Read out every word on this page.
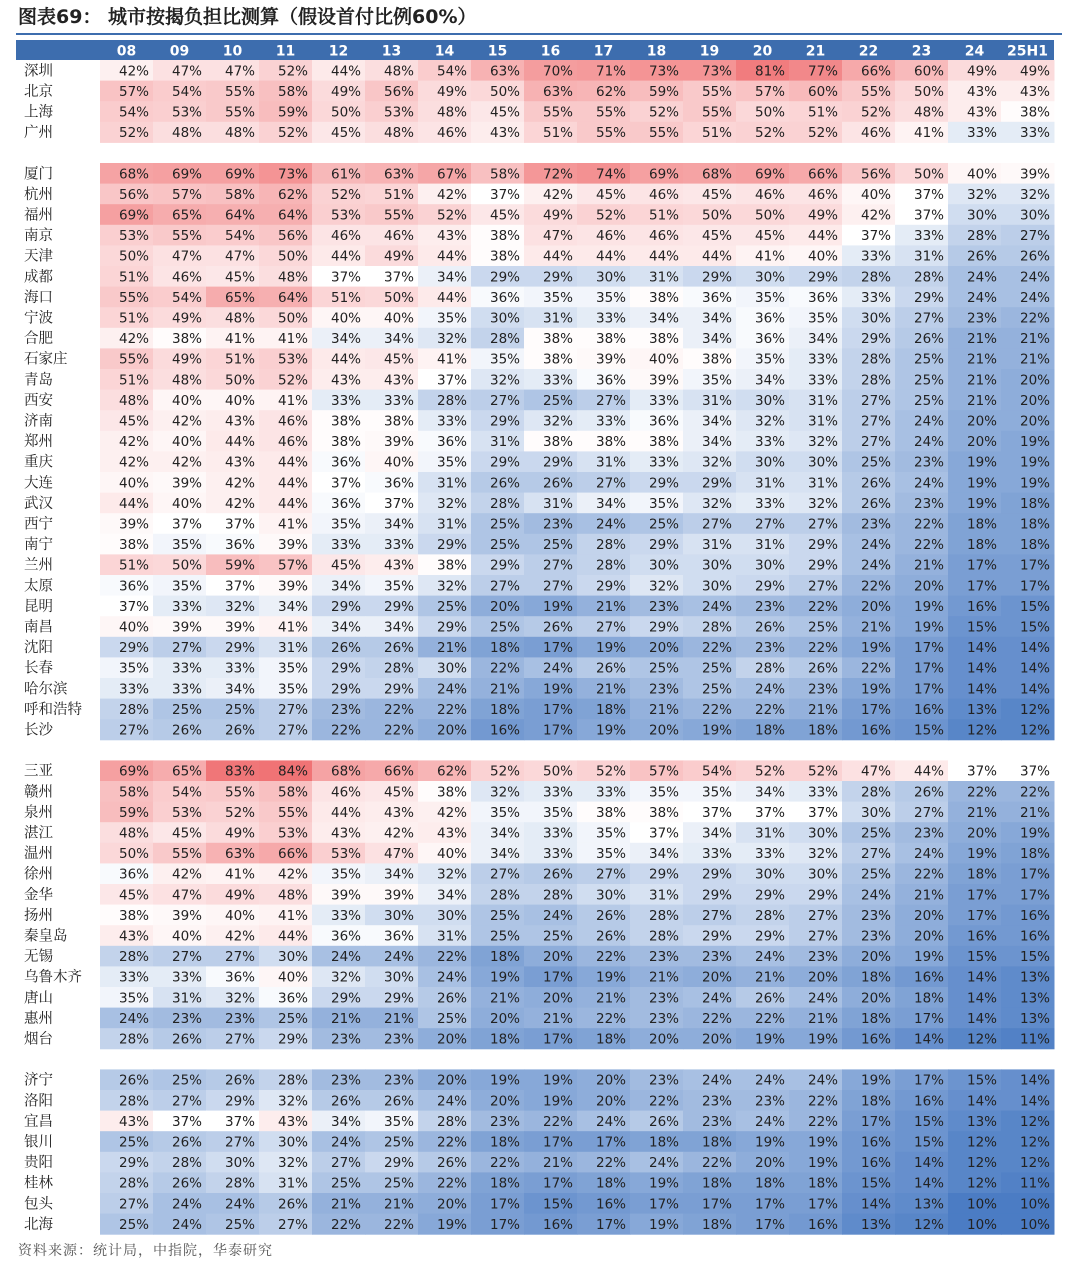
图表69： 城市按揭负担比测算（假设首付比例60%）
08 09 10 11 12 13 14 15 16 17 18 19 20 21 22 23 24 25H1
深圳	42% 47% 47% 52% 44% 48% 54% 63% 70% 71% 73% 73% 81% 77% 66% 60% 49% 49%
北京	57% 54% 55% 58% 49% 56% 49% 50% 63% 62% 59% 55% 57% 60% 55% 50% 43% 43%
上海	54% 53% 55% 59% 50% 53% 48% 45% 55% 55% 52% 55% 50% 51% 52% 48% 43% 38%
广州	52% 48% 48% 52% 45% 48% 46% 43% 51% 55% 55% 51% 52% 52% 46% 41% 33% 33%
厦门	68% 69% 69% 73% 61% 63% 67% 58% 72% 74% 69% 68% 69% 66% 56% 50% 40% 39%
杭州	56% 57% 58% 62% 52% 51% 42% 37% 42% 45% 46% 45% 46% 46% 40% 37% 32% 32%
福州	69% 65% 64% 64% 53% 55% 52% 45% 49% 52% 51% 50% 50% 49% 42% 37% 30% 30%
南京	53% 55% 54% 56% 46% 46% 43% 38% 47% 46% 46% 45% 45% 44% 37% 33% 28% 27%
天津	50% 47% 47% 50% 44% 49% 44% 38% 44% 44% 44% 44% 41% 40% 33% 31% 26% 26%
成都	51% 46% 45% 48% 37% 37% 34% 29% 29% 30% 31% 29% 30% 29% 28% 28% 24% 24%
海口	55% 54% 65% 64% 51% 50% 44% 36% 35% 35% 38% 36% 35% 36% 33% 29% 24% 24%
宁波	51% 49% 48% 50% 40% 40% 35% 30% 31% 33% 34% 34% 36% 35% 30% 27% 23% 22%
合肥	42% 38% 41% 41% 34% 34% 32% 28% 38% 38% 38% 34% 36% 34% 29% 26% 21% 21%
石家庄	55% 49% 51% 53% 44% 45% 41% 35% 38% 39% 40% 38% 35% 33% 28% 25% 21% 21%
青岛	51% 48% 50% 52% 43% 43% 37% 32% 33% 36% 39% 35% 34% 33% 28% 25% 21% 20%
西安	48% 40% 40% 41% 33% 33% 28% 27% 25% 27% 33% 31% 30% 31% 27% 25% 21% 20%
济南	45% 42% 43% 46% 38% 38% 33% 29% 32% 33% 36% 34% 32% 31% 27% 24% 20% 20%
郑州	42% 40% 44% 46% 38% 39% 36% 31% 38% 38% 38% 34% 33% 32% 27% 24% 20% 19%
重庆	42% 42% 43% 44% 36% 40% 35% 29% 29% 31% 33% 32% 30% 30% 25% 23% 19% 19%
大连	40% 39% 42% 44% 37% 36% 31% 26% 26% 27% 29% 29% 31% 31% 26% 24% 19% 19%
武汉	44% 40% 42% 44% 36% 37% 32% 28% 31% 34% 35% 32% 33% 32% 26% 23% 19% 18%
西宁	39% 37% 37% 41% 35% 34% 31% 25% 23% 24% 25% 27% 27% 27% 23% 22% 18% 18%
南宁	38% 35% 36% 39% 33% 33% 29% 25% 25% 28% 29% 31% 31% 29% 24% 22% 18% 18%
兰州	51% 50% 59% 57% 45% 43% 38% 29% 27% 28% 30% 30% 30% 29% 24% 21% 17% 17%
太原	36% 35% 37% 39% 34% 35% 32% 27% 27% 29% 32% 30% 29% 27% 22% 20% 17% 17%
昆明	37% 33% 32% 34% 29% 29% 25% 20% 19% 21% 23% 24% 23% 22% 20% 19% 16% 15%
南昌	40% 39% 39% 41% 34% 34% 29% 25% 26% 27% 29% 28% 26% 25% 21% 19% 15% 15%
沈阳	29% 27% 29% 31% 26% 26% 21% 18% 17% 19% 20% 22% 23% 22% 19% 17% 14% 14%
长春	35% 33% 33% 35% 29% 28% 30% 22% 24% 26% 25% 25% 28% 26% 22% 17% 14% 14%
哈尔滨	33% 33% 34% 35% 29% 29% 24% 21% 19% 21% 23% 25% 24% 23% 19% 17% 14% 14%
呼和浩特	28% 25% 25% 27% 23% 22% 22% 18% 17% 18% 21% 22% 22% 21% 17% 16% 13% 12%
长沙	27% 26% 26% 27% 22% 22% 20% 16% 17% 19% 20% 19% 18% 18% 16% 15% 12% 12%
三亚	69% 65% 83% 84% 68% 66% 62% 52% 50% 52% 57% 54% 52% 52% 47% 44% 37% 37%
赣州	58% 54% 55% 58% 46% 45% 38% 32% 33% 33% 35% 35% 34% 33% 28% 26% 22% 22%
泉州	59% 53% 52% 55% 44% 43% 42% 35% 35% 38% 38% 37% 37% 37% 30% 27% 21% 21%
湛江	48% 45% 49% 53% 43% 42% 43% 34% 33% 35% 37% 34% 31% 30% 25% 23% 20% 19%
温州	50% 55% 63% 66% 53% 47% 40% 34% 33% 35% 34% 33% 33% 32% 27% 24% 19% 18%
徐州	36% 42% 41% 42% 35% 34% 32% 27% 26% 27% 29% 29% 30% 30% 25% 22% 18% 17%
金华	45% 47% 49% 48% 39% 39% 34% 28% 28% 30% 31% 29% 29% 29% 24% 21% 17% 17%
扬州	38% 39% 40% 41% 33% 30% 30% 25% 24% 26% 28% 27% 28% 27% 23% 20% 17% 16%
秦皇岛	43% 40% 42% 44% 36% 36% 31% 25% 25% 26% 28% 29% 29% 27% 23% 20% 16% 16%
无锡	28% 27% 27% 30% 24% 24% 22% 18% 20% 22% 23% 23% 24% 23% 20% 19% 15% 15%
乌鲁木齐	33% 33% 36% 40% 32% 30% 24% 19% 17% 19% 21% 20% 21% 20% 18% 16% 14% 13%
唐山	35% 31% 32% 36% 29% 29% 26% 21% 20% 21% 23% 24% 26% 24% 20% 18% 14% 13%
惠州	24% 23% 23% 25% 21% 21% 25% 20% 21% 22% 23% 22% 22% 21% 18% 17% 14% 13%
烟台	28% 26% 27% 29% 23% 23% 20% 18% 17% 18% 20% 20% 19% 19% 16% 14% 12% 11%
济宁	26% 25% 26% 28% 23% 23% 20% 19% 19% 20% 23% 24% 24% 24% 19% 17% 15% 14%
洛阳	28% 27% 29% 32% 26% 26% 24% 20% 19% 20% 22% 23% 23% 22% 18% 16% 14% 14%
宜昌	43% 37% 37% 43% 34% 35% 28% 23% 22% 24% 26% 23% 24% 22% 17% 15% 13% 12%
银川	25% 26% 27% 30% 24% 25% 22% 18% 17% 17% 18% 18% 19% 19% 16% 15% 12% 12%
贵阳	29% 28% 30% 32% 27% 29% 26% 22% 21% 22% 24% 22% 20% 19% 16% 14% 12% 12%
桂林	28% 26% 28% 31% 25% 25% 22% 18% 17% 18% 19% 18% 18% 18% 15% 14% 12% 11%
包头	27% 24% 24% 26% 21% 21% 20% 17% 15% 16% 17% 17% 17% 17% 14% 13% 10% 10%
北海	25% 24% 25% 27% 22% 22% 19% 17% 16% 17% 19% 18% 17% 16% 13% 12% 10% 10%
资料来源：统计局，中指院，华泰研究
